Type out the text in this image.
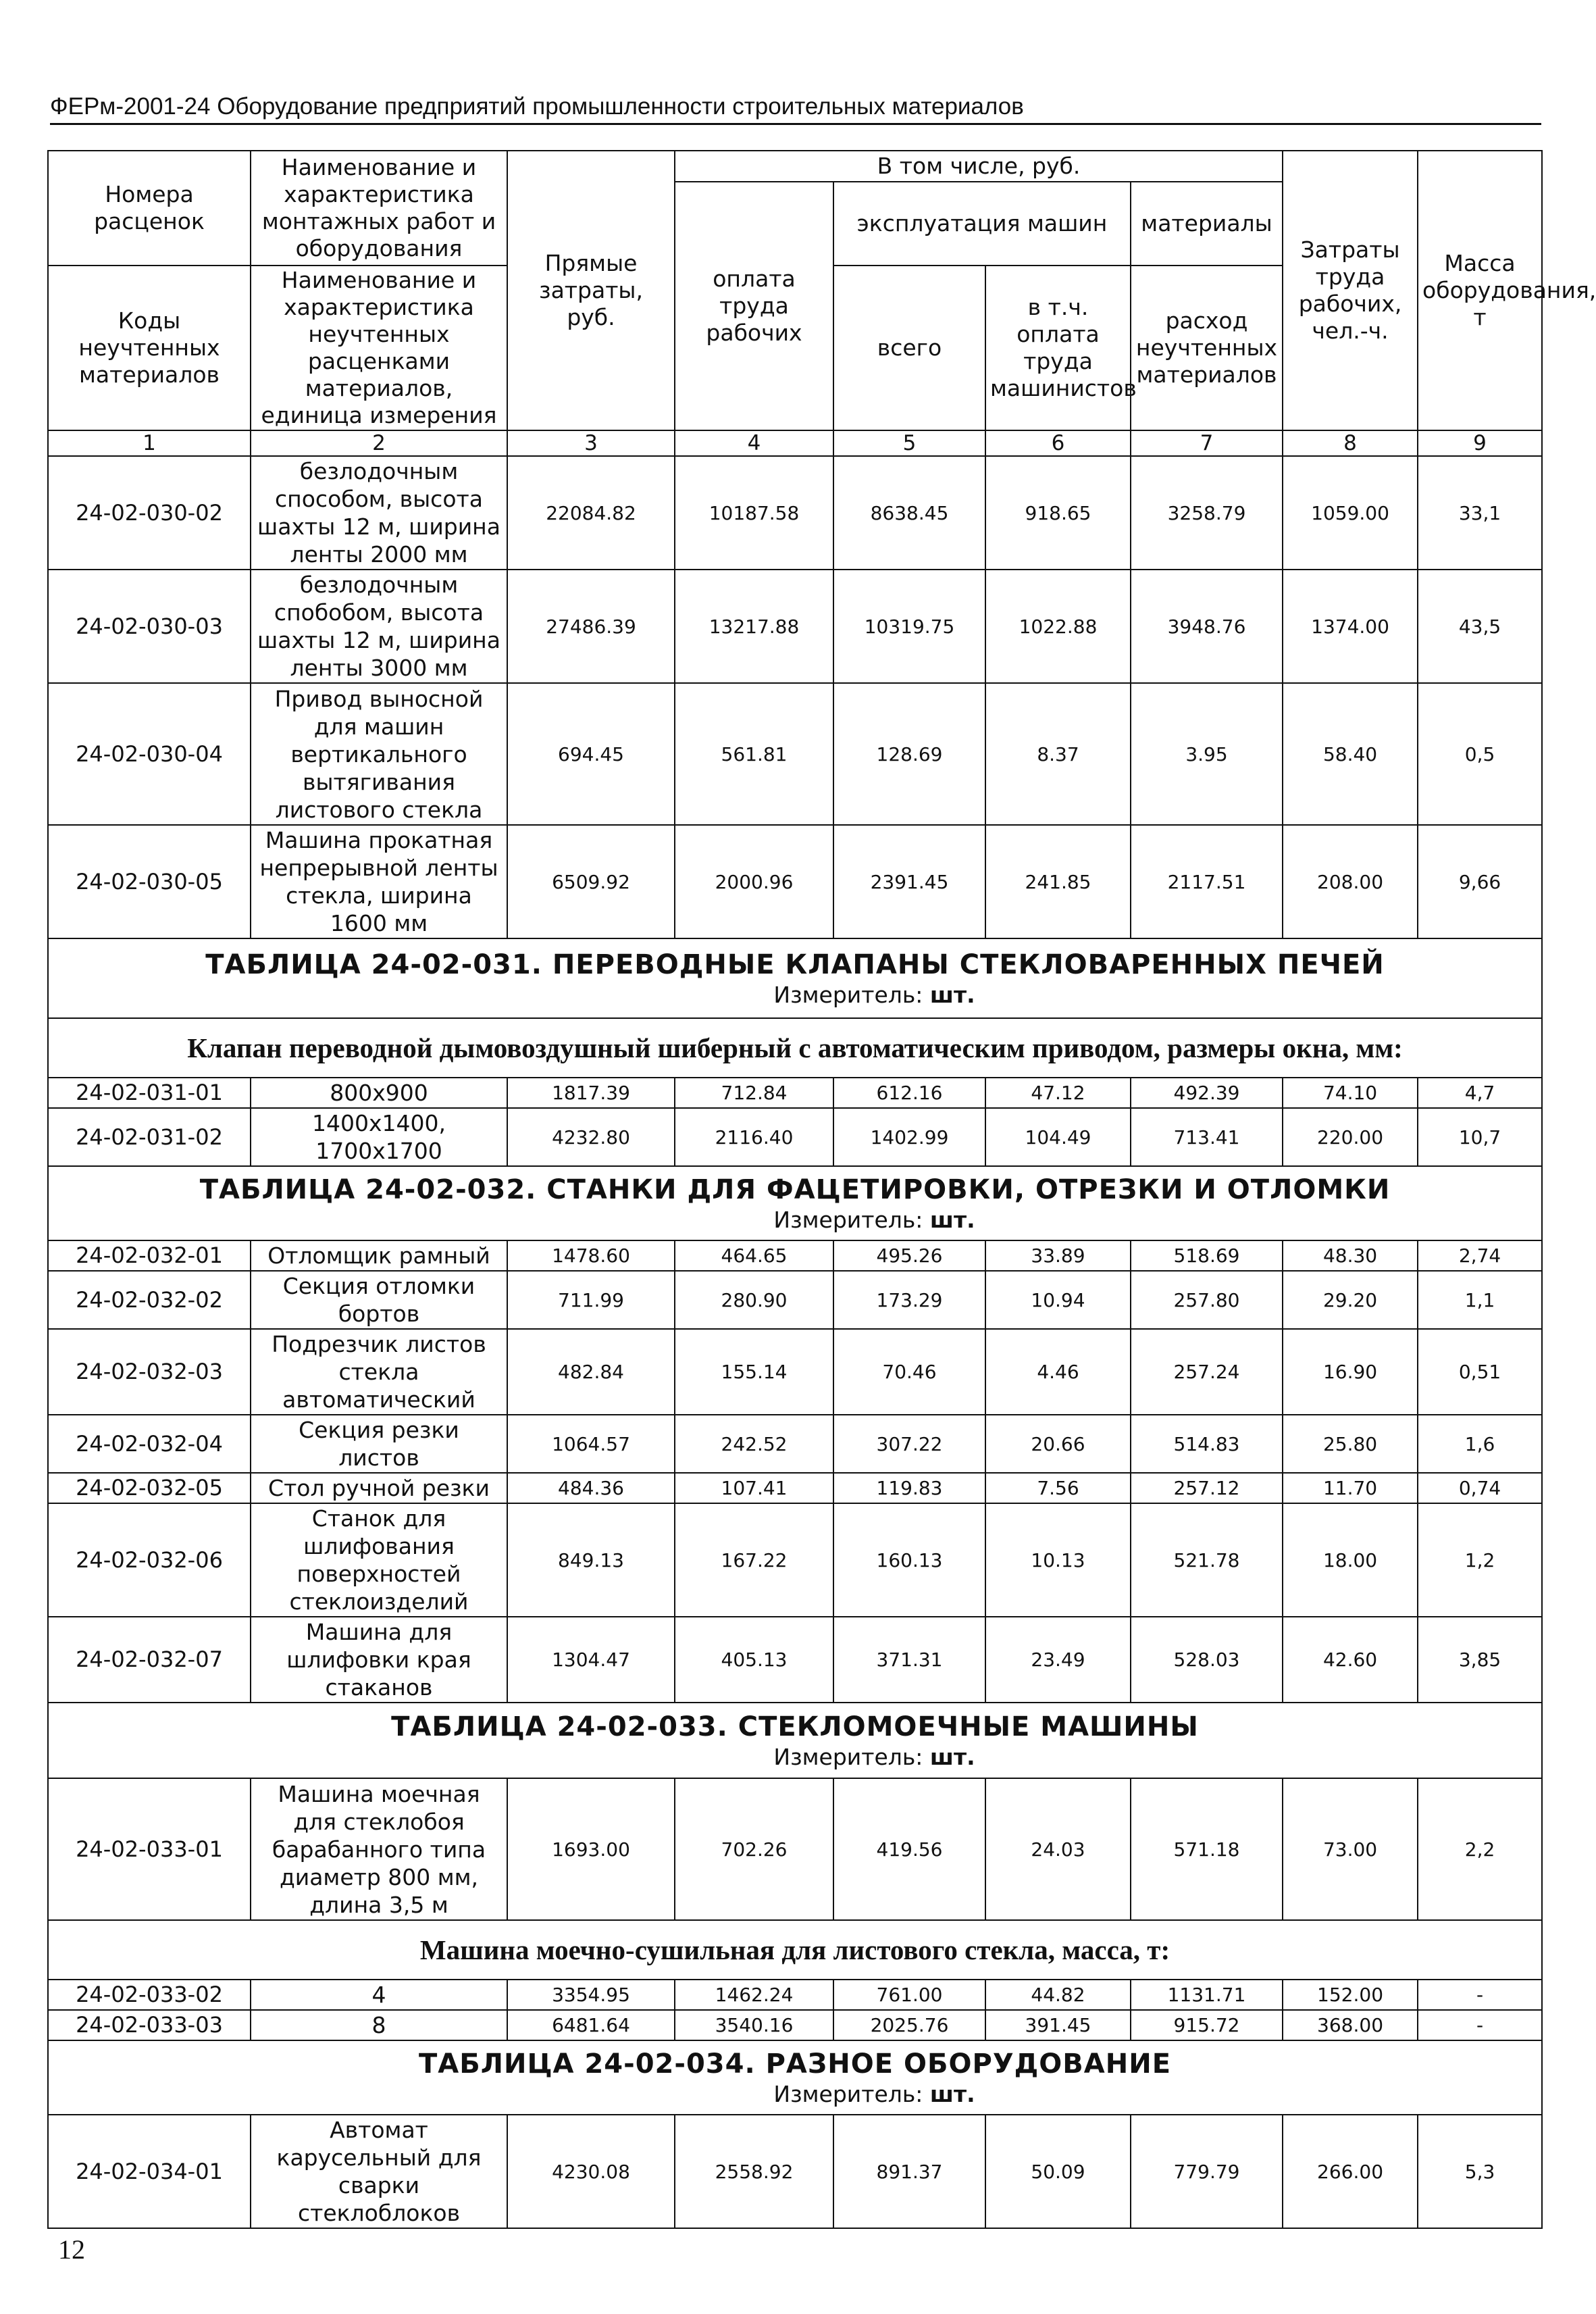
ФЕРм-2001-24 Оборудование предприятий промышленности строительных материалов
Номера расценок	Наименование и характеристика монтажных работ и оборудования	Прямые затраты, руб.	В том числе, руб.				Затраты труда рабочих, чел.-ч.	Масса оборудования, т
			оплата труда рабочих	эксплуатация машин		материалы		
Коды неучтенных материалов	Наименование и характеристика неучтенных расценками материалов, единица измерения			всего	в т.ч. оплата труда машинистов	расход неучтенных материалов		
1	2	3	4	5	6	7	8	9
24-02-030-02	безлодочным способом, высота шахты 12 м, ширина ленты 2000 мм	22084.82	10187.58	8638.45	918.65	3258.79	1059.00	33,1
24-02-030-03	безлодочным спобобом, высота шахты 12 м, ширина ленты 3000 мм	27486.39	13217.88	10319.75	1022.88	3948.76	1374.00	43,5
24-02-030-04	Привод выносной для машин вертикального вытягивания листового стекла	694.45	561.81	128.69	8.37	3.95	58.40	0,5
24-02-030-05	Машина прокатная непрерывной ленты стекла, ширина 1600 мм	6509.92	2000.96	2391.45	241.85	2117.51	208.00	9,66

ТАБЛИЦА 24-02-031. ПЕРЕВОДНЫЕ КЛАПАНЫ СТЕКЛОВАРЕННЫХ ПЕЧЕЙ
Измеритель: шт.								

Клапан переводной дымовоздушный шиберный с автоматическим приводом, размеры окна, мм:								
24-02-031-01	800x900	1817.39	712.84	612.16	47.12	492.39	74.10	4,7
24-02-031-02	1400x1400, 1700x1700	4232.80	2116.40	1402.99	104.49	713.41	220.00	10,7

ТАБЛИЦА 24-02-032. СТАНКИ ДЛЯ ФАЦЕТИРОВКИ, ОТРЕЗКИ И ОТЛОМКИ
Измеритель: шт.								

24-02-032-01	Отломщик рамный	1478.60	464.65	495.26	33.89	518.69	48.30	2,74
24-02-032-02	Секция отломки бортов	711.99	280.90	173.29	10.94	257.80	29.20	1,1
24-02-032-03	Подрезчик листов стекла автоматический	482.84	155.14	70.46	4.46	257.24	16.90	0,51
24-02-032-04	Секция резки листов	1064.57	242.52	307.22	20.66	514.83	25.80	1,6
24-02-032-05	Стол ручной резки	484.36	107.41	119.83	7.56	257.12	11.70	0,74
24-02-032-06	Станок для шлифования поверхностей стеклоизделий	849.13	167.22	160.13	10.13	521.78	18.00	1,2
24-02-032-07	Машина для шлифовки края стаканов	1304.47	405.13	371.31	23.49	528.03	42.60	3,85

ТАБЛИЦА 24-02-033. СТЕКЛОМОЕЧНЫЕ МАШИНЫ
Измеритель: шт.								

24-02-033-01	Машина моечная для стеклобоя барабанного типа диаметр 800 мм, длина 3,5 м	1693.00	702.26	419.56	24.03	571.18	73.00	2,2
Машина моечно-сушильная для листового стекла, масса, т:								
24-02-033-02	4	3354.95	1462.24	761.00	44.82	1131.71	152.00	-
24-02-033-03	8	6481.64	3540.16	2025.76	391.45	915.72	368.00	-

ТАБЛИЦА 24-02-034. РАЗНОЕ ОБОРУДОВАНИЕ
Измеритель: шт.								

24-02-034-01	Автомат карусельный для сварки стеклоблоков	4230.08	2558.92	891.37	50.09	779.79	266.00	5,3
12
